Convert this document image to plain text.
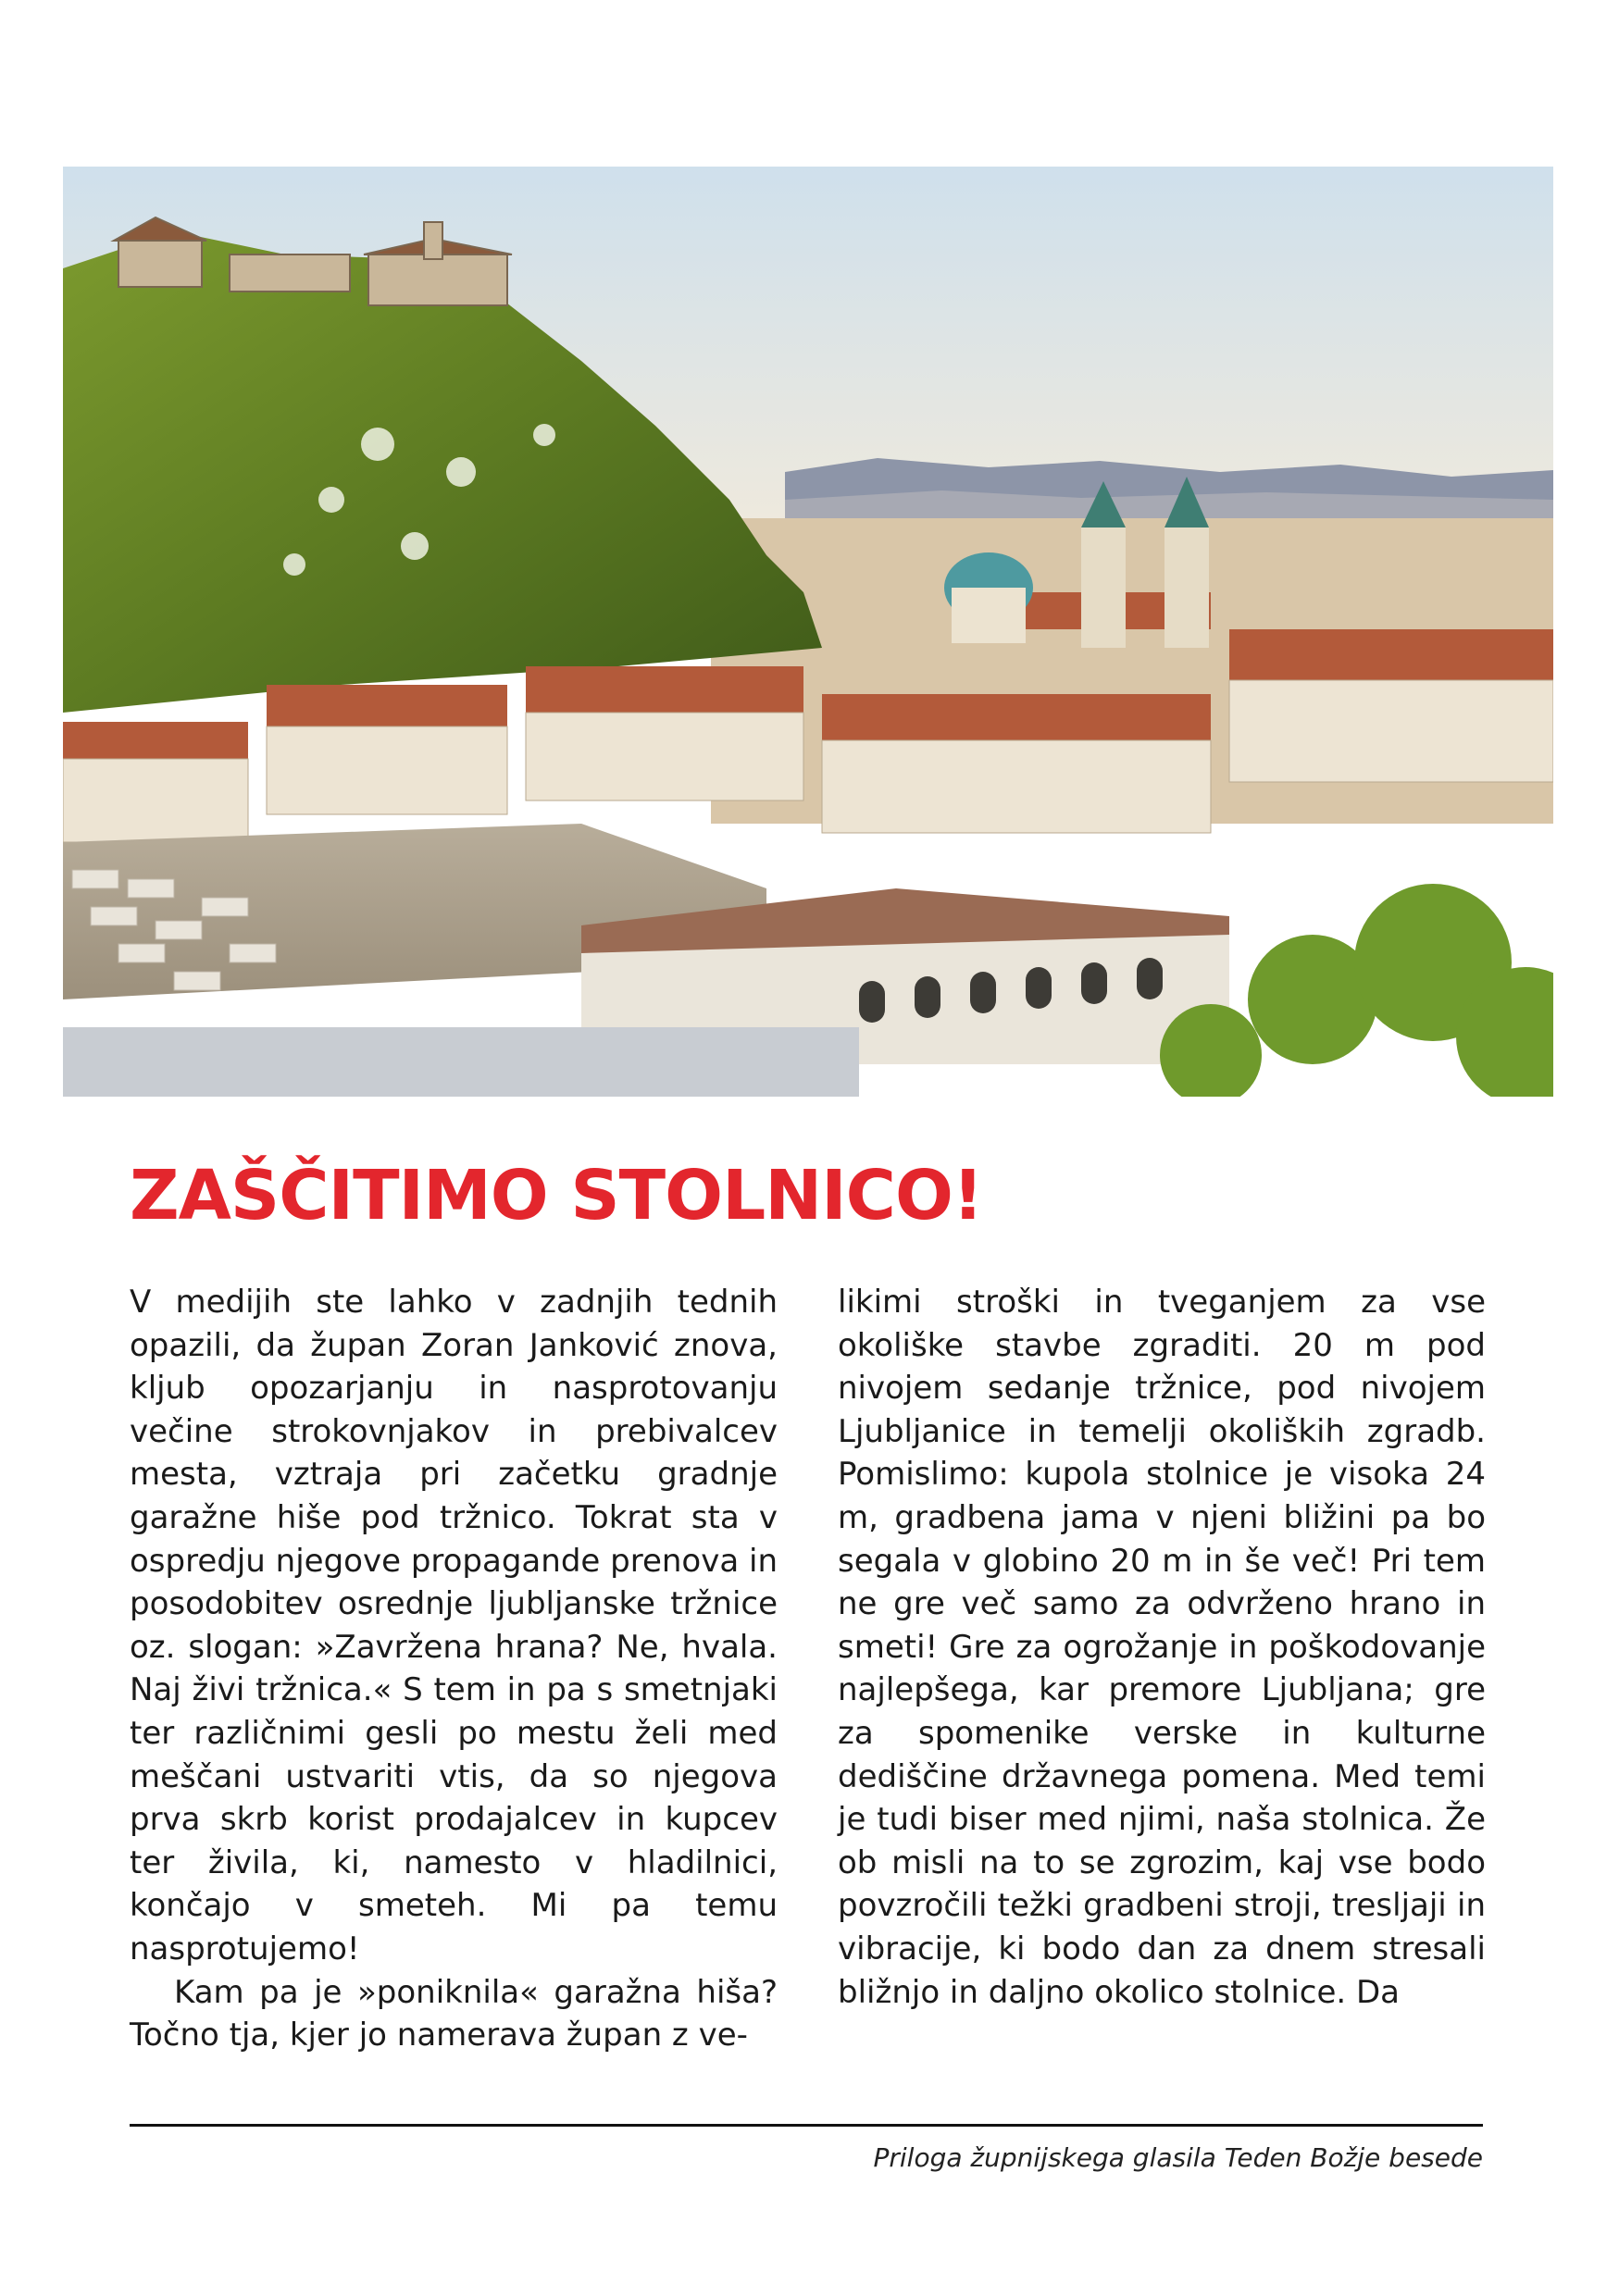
ZAŠČITIMO STOLNICO!

V medijih ste lahko v zadnjih tednih opazili, da župan Zoran Janković znova, kljub opozarjanju in nasprotovanju večine strokovnjakov in prebivalcev mesta, vztraja pri začetku gradnje garažne hiše pod tržnico. Tokrat sta v ospredju njegove propagande prenova in posodobitev osrednje ljubljanske tržnice oz. slogan: »Zavržena hrana? Ne, hvala. Naj živi tržnica.« S tem in pa s smetnjaki ter različnimi gesli po mestu želi med meščani ustvariti vtis, da so njegova prva skrb korist prodajalcev in kupcev ter živila, ki, namesto v hladilnici, končajo v smeteh. Mi pa temu nasprotujemo!

Kam pa je »poniknila« garažna hiša? Točno tja, kjer jo namerava župan z ve-

likimi stroški in tveganjem za vse okoliške stavbe zgraditi. 20 m pod nivojem sedanje tržnice, pod nivojem Ljubljanice in temelji okoliških zgradb. Pomislimo: kupola stolnice je visoka 24 m, gradbena jama v njeni bližini pa bo segala v globino 20 m in še več! Pri tem ne gre več samo za odvrženo hrano in smeti! Gre za ogrožanje in poškodovanje najlepšega, kar premore Ljubljana; gre za spomenike verske in kulturne dediščine državnega pomena. Med temi je tudi biser med njimi, naša stolnica. Že ob misli na to se zgrozim, kaj vse bodo povzročili težki gradbeni stroji, tresljaji in vibracije, ki bodo dan za dnem stresali bližnjo in daljno okolico stolnice. Da

Priloga župnijskega glasila Teden Božje besede
